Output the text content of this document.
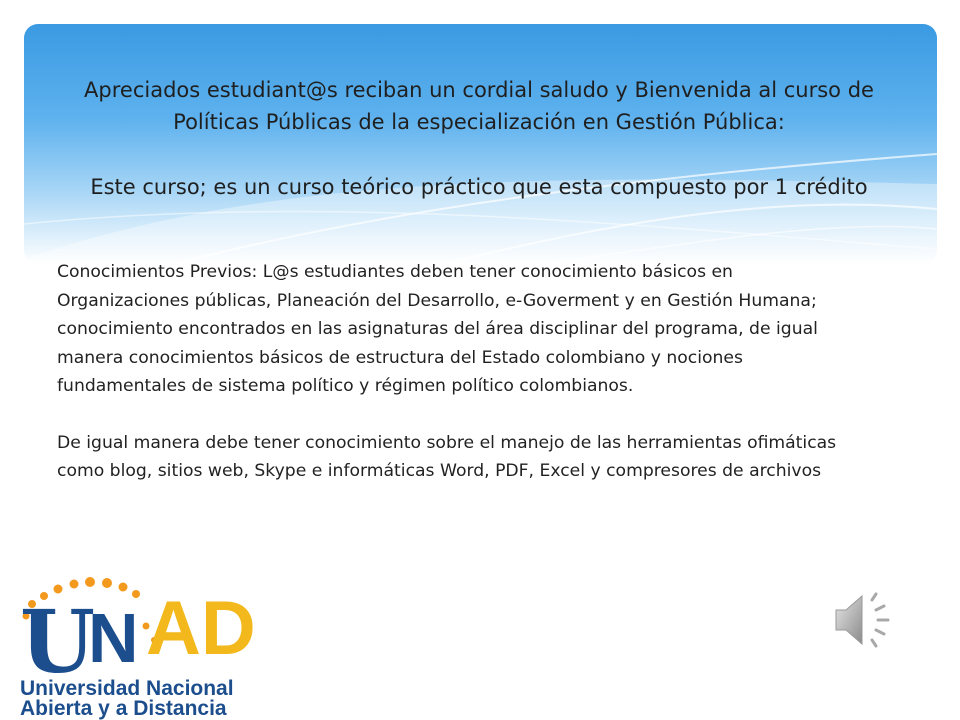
Apreciados estudiant@s reciban un cordial saludo y Bienvenida al curso de Políticas Públicas de la especialización en Gestión Pública:
Este curso; es un curso teórico práctico que esta compuesto por 1 crédito

Conocimientos Previos: L@s estudiantes deben tener conocimiento básicos en Organizaciones públicas, Planeación del Desarrollo, e-Goverment y en Gestión Humana; conocimiento encontrados en las asignaturas del área disciplinar del programa, de igual manera conocimientos básicos de estructura del Estado colombiano y nociones fundamentales de sistema político y régimen político colombianos.

De igual manera debe tener conocimiento sobre el manejo de las herramientas ofimáticas como blog, sitios web, Skype e informáticas Word, PDF, Excel y compresores de archivos

U
N AD
Universidad Nacional
Abierta y a Distancia
